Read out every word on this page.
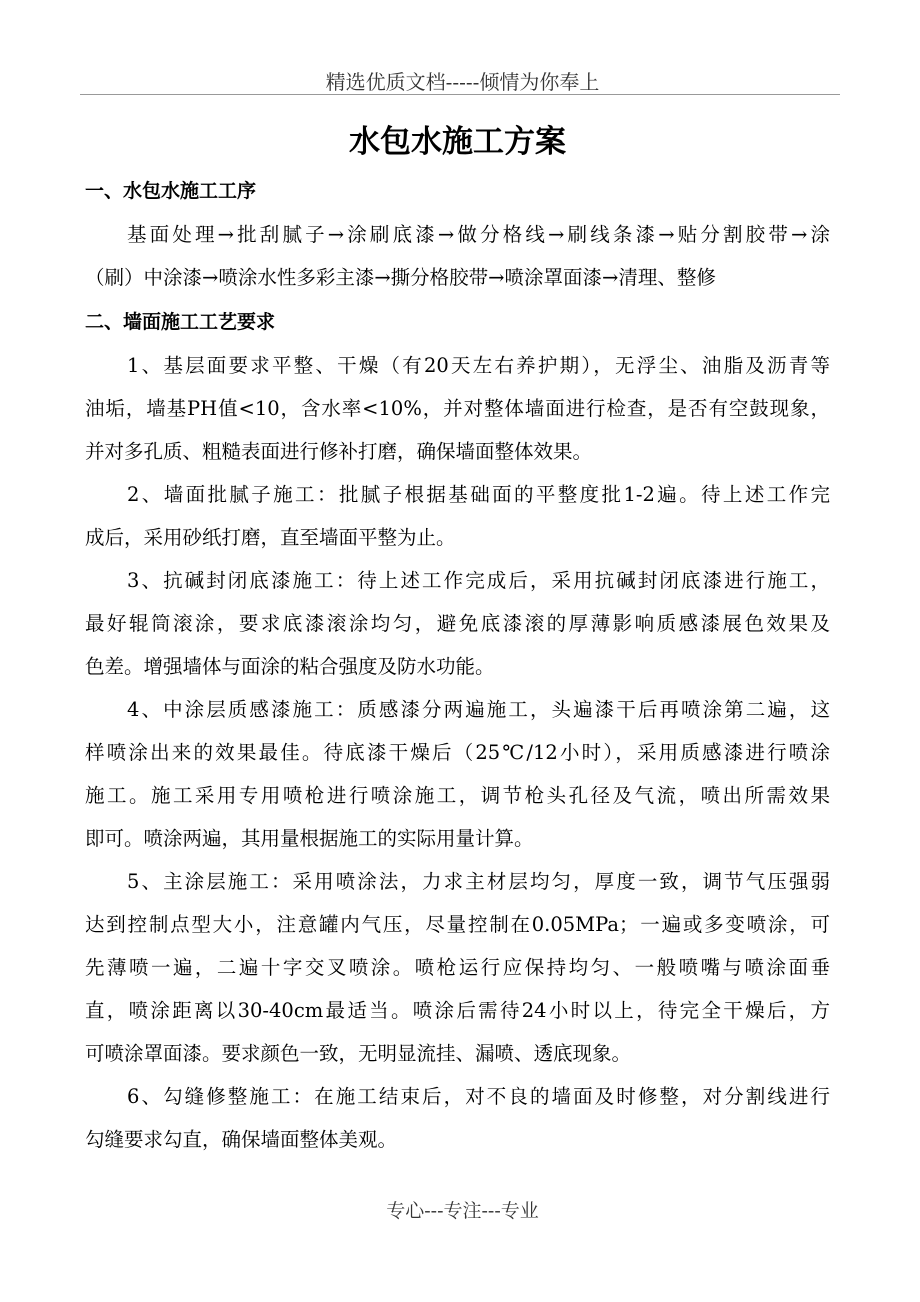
精选优质文档-----倾情为你奉上
水包水施工方案
一、水包水施工工序
基面处理→批刮腻子→涂刷底漆→做分格线→刷线条漆→贴分割胶带→涂
（刷）中涂漆→喷涂水性多彩主漆→撕分格胶带→喷涂罩面漆→清理、整修
二、墙面施工工艺要求
1、基层面要求平整、干燥（有20天左右养护期），无浮尘、油脂及沥青等
油垢，墙基PH值<10，含水率<10%，并对整体墙面进行检查，是否有空鼓现象，
并对多孔质、粗糙表面进行修补打磨，确保墙面整体效果。
2、墙面批腻子施工：批腻子根据基础面的平整度批1-2遍。待上述工作完
成后，采用砂纸打磨，直至墙面平整为止。
3、抗碱封闭底漆施工：待上述工作完成后，采用抗碱封闭底漆进行施工，
最好辊筒滚涂，要求底漆滚涂均匀，避免底漆滚的厚薄影响质感漆展色效果及
色差。增强墙体与面涂的粘合强度及防水功能。
4、中涂层质感漆施工：质感漆分两遍施工，头遍漆干后再喷涂第二遍，这
样喷涂出来的效果最佳。待底漆干燥后（25℃/12小时），采用质感漆进行喷涂
施工。施工采用专用喷枪进行喷涂施工，调节枪头孔径及气流，喷出所需效果
即可。喷涂两遍，其用量根据施工的实际用量计算。
5、主涂层施工：采用喷涂法，力求主材层均匀，厚度一致，调节气压强弱
达到控制点型大小，注意罐内气压，尽量控制在0.05MPa；一遍或多变喷涂，可
先薄喷一遍，二遍十字交叉喷涂。喷枪运行应保持均匀、一般喷嘴与喷涂面垂
直，喷涂距离以30-40cm最适当。喷涂后需待24小时以上，待完全干燥后，方
可喷涂罩面漆。要求颜色一致，无明显流挂、漏喷、透底现象。
6、勾缝修整施工：在施工结束后，对不良的墙面及时修整，对分割线进行
勾缝要求勾直，确保墙面整体美观。
专心---专注---专业
